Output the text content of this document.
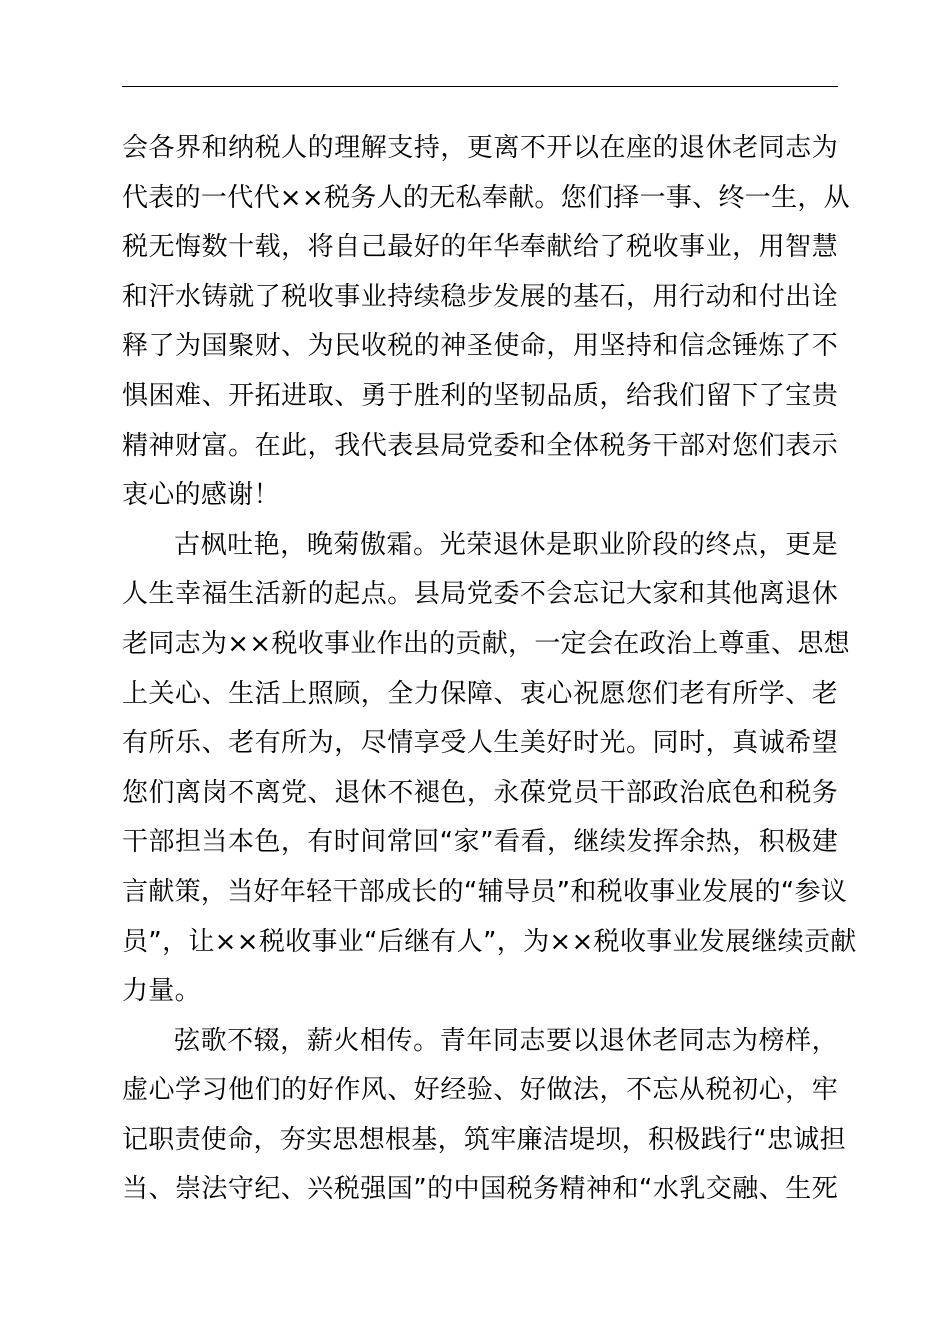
会各界和纳税人的理解支持，更离不开以在座的退休老同志为
代表的一代代××税务人的无私奉献。您们择一事、终一生，从
税无悔数十载，将自己最好的年华奉献给了税收事业，用智慧
和汗水铸就了税收事业持续稳步发展的基石，用行动和付出诠
释了为国聚财、为民收税的神圣使命，用坚持和信念锤炼了不
惧困难、开拓进取、勇于胜利的坚韧品质，给我们留下了宝贵
精神财富。在此，我代表县局党委和全体税务干部对您们表示
衷心的感谢！
古枫吐艳，晚菊傲霜。光荣退休是职业阶段的终点，更是
人生幸福生活新的起点。县局党委不会忘记大家和其他离退休
老同志为××税收事业作出的贡献，一定会在政治上尊重、思想
上关心、生活上照顾，全力保障、衷心祝愿您们老有所学、老
有所乐、老有所为，尽情享受人生美好时光。同时，真诚希望
您们离岗不离党、退休不褪色，永葆党员干部政治底色和税务
干部担当本色，有时间常回“家”看看，继续发挥余热，积极建
言献策，当好年轻干部成长的“辅导员”和税收事业发展的“参议
员”，让××税收事业“后继有人”，为××税收事业发展继续贡献
力量。
弦歌不辍，薪火相传。青年同志要以退休老同志为榜样，
虚心学习他们的好作风、好经验、好做法，不忘从税初心，牢
记职责使命，夯实思想根基，筑牢廉洁堤坝，积极践行“忠诚担
当、崇法守纪、兴税强国”的中国税务精神和“水乳交融、生死
